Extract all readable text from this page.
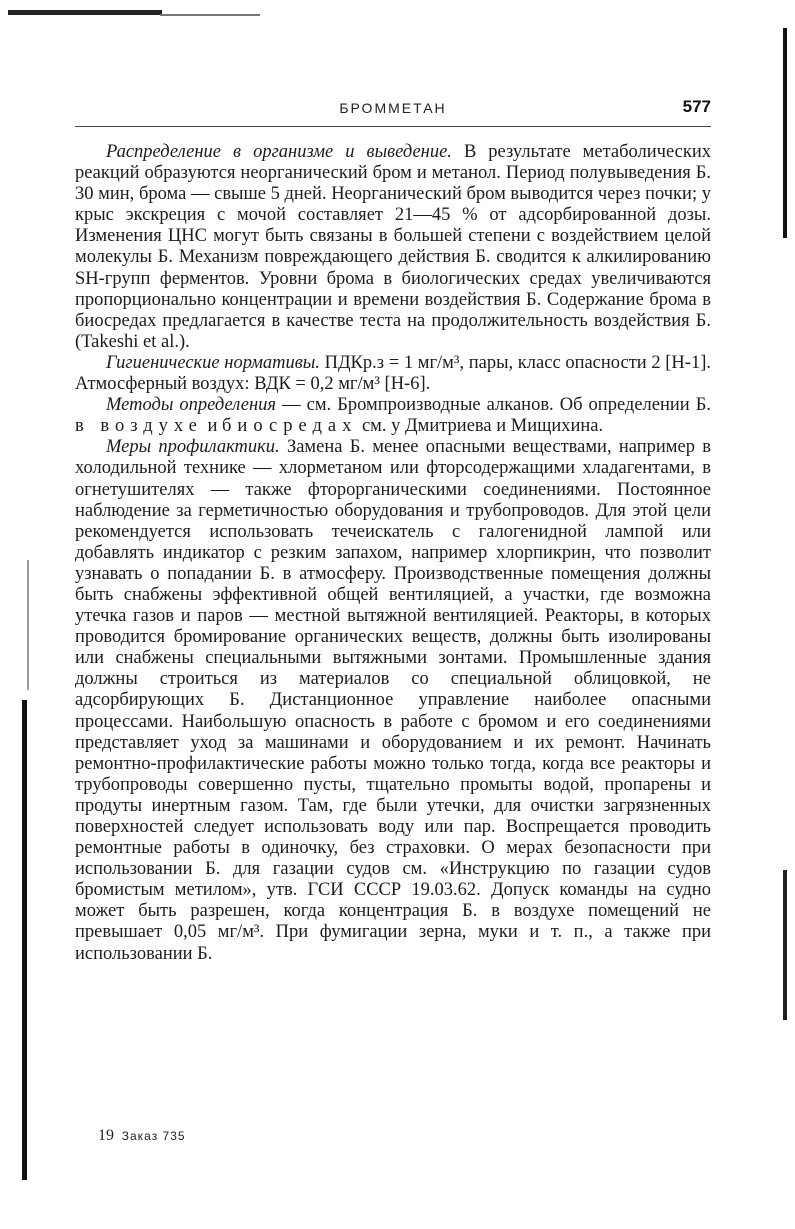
БРОММЕТАН	577

Распределение в организме и выведение. В результате метаболических реакций образуются неорганический бром и метанол. Период полувыведения Б. 30 мин, брома — свыше 5 дней. Неорганический бром выводится через почки; у крыс экскреция с мочой составляет 21—45 % от адсорбированной дозы. Изменения ЦНС могут быть связаны в большей степени с воздействием целой молекулы Б. Механизм повреждающего действия Б. сводится к алкилированию SH-групп ферментов. Уровни брома в биологических средах увеличиваются пропорционально концентрации и времени воздействия Б. Содержание брома в биосредах предлагается в качестве теста на продолжительность воздействия Б. (Takeshi et al.).

Гигиенические нормативы. ПДКр.з = 1 мг/м³, пары, класс опасности 2 [Н-1]. Атмосферный воздух: ВДК = 0,2 мг/м³ [Н-6].

Методы определения — см. Бромпроизводные алканов. Об определении Б. в воздухе и биосредах см. у Дмитриева и Мищихина.

Меры профилактики. Замена Б. менее опасными веществами, например в холодильной технике — хлорметаном или фторсодержащими хладагентами, в огнетушителях — также фторорганическими соединениями. Постоянное наблюдение за герметичностью оборудования и трубопроводов. Для этой цели рекомендуется использовать течеискатель с галогенидной лампой или добавлять индикатор с резким запахом, например хлорпикрин, что позволит узнавать о попадании Б. в атмосферу. Производственные помещения должны быть снабжены эффективной общей вентиляцией, а участки, где возможна утечка газов и паров — местной вытяжной вентиляцией. Реакторы, в которых проводится бромирование органических веществ, должны быть изолированы или снабжены специальными вытяжными зонтами. Промышленные здания должны строиться из материалов со специальной облицовкой, не адсорбирующих Б. Дистанционное управление наиболее опасными процессами. Наибольшую опасность в работе с бромом и его соединениями представляет уход за машинами и оборудованием и их ремонт. Начинать ремонтно-профилактические работы можно только тогда, когда все реакторы и трубопроводы совершенно пусты, тщательно промыты водой, пропарены и продуты инертным газом. Там, где были утечки, для очистки загрязненных поверхностей следует использовать воду или пар. Воспрещается проводить ремонтные работы в одиночку, без страховки. О мерах безопасности при использовании Б. для газации судов см. «Инструкцию по газации судов бромистым метилом», утв. ГСИ СССР 19.03.62. Допуск команды на судно может быть разрешен, когда концентрация Б. в воздухе помещений не превышает 0,05 мг/м³. При фумигации зерна, муки и т. п., а также при использовании Б.

19 Заказ 735
